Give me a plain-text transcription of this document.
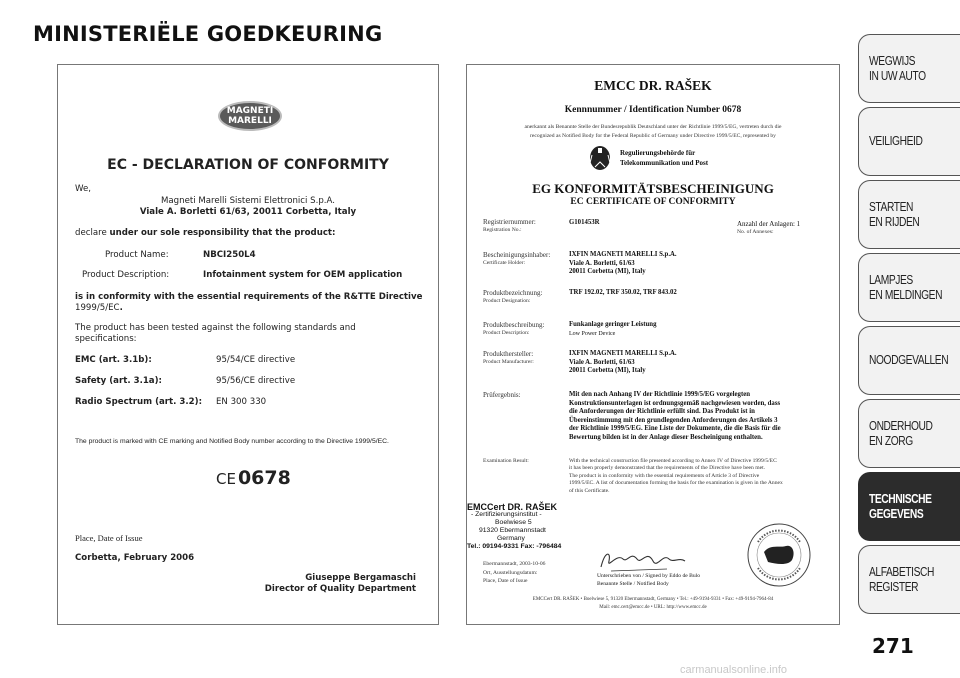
MINISTERIËLE GOEDKEURING
MAGNETI
MARELLI
EC - DECLARATION OF CONFORMITY
We,
Magneti Marelli Sistemi Elettronici S.p.A.
Viale A. Borletti 61/63, 20011 Corbetta, Italy
declare under our sole responsibility that the product:
Product Name:	NBCI250L4
Product Description:	Infotainment system for OEM application
is in conformity with the essential requirements of the R&TTE Directive
1999/5/EC.
The product has been tested against the following standards and
specifications:
EMC (art. 3.1b):	95/54/CE directive
Safety (art. 3.1a):	95/56/CE directive
Radio Spectrum (art. 3.2): EN 300 330
The product is marked with CE marking and Notified Body number according to the Directive 1999/5/EC.
CE 0678
Place, Date of Issue
Corbetta, February 2006
Giuseppe Bergamaschi
Director of Quality Department
EMCC DR. RAŠEK
Kennnummer / Identification Number 0678
anerkannt als Benannte Stelle der Bundesrepublik Deutschland unter der Richtlinie 1999/5/EG, vertreten durch die
recognized as Notified Body for the Federal Republic of Germany under Directive 1999/5/EC, represented by
Regulierungsbehörde für
Telekommunikation und Post
EG KONFORMITÄTSBESCHEINIGUNG
EC CERTIFICATE OF CONFORMITY
Registriernummer:
Registration No.:
G101453R	Anzahl der Anlagen: 1
No. of Annexes:
Bescheinigungsinhaber:
Certificate Holder:
IXFIN MAGNETI MARELLI S.p.A.
Viale A. Borletti, 61/63
20011 Corbetta (MI), Italy
Produktbezeichnung:
Product Designation:
TRF 192.02, TRF 350.02, TRF 843.02
Produktbeschreibung:
Product Description:
Funkanlage geringer Leistung
Low Power Device
Produkthersteller:
Product Manufacturer:
IXFIN MAGNETI MARELLI S.p.A.
Viale A. Borletti, 61/63
20011 Corbetta (MI), Italy
Prüfergebnis:	Mit den nach Anhang IV der Richtlinie 1999/5/EG vorgelegten
Konstruktionsunterlagen ist ordnungsgemäß nachgewiesen worden, dass
die Anforderungen der Richtlinie erfüllt sind. Das Produkt ist in
Übereinstimmung mit den grundlegenden Anforderungen des Artikels 3
der Richtlinie 1999/5/EG. Eine Liste der Dokumente, die die Basis für die
Bewertung bilden ist in der Anlage dieser Bescheinigung enthalten.
Examination Result:	With the technical construction file presented according to Annex IV of Directive 1999/5/EC
it has been properly demonstrated that the requirements of the Directive have been met.
The product is in conformity with the essential requirements of Article 3 of Directive
1999/5/EC. A list of documentation forming the basis for the examination is given in the Annex
of this Certificate.
EMCCert DR. RAŠEK
- Zertifizierungsinstitut -
Boelwiese 5
91320 Ebermannstadt
Germany
Tel.: 09194-9331 Fax: -796484
Ebermannstadt, 2003-10-06
Ort, Ausstellungsdatum:
Place, Date of Issue
Unterschrieben von / Signed by Eddo de Bulo
Benannte Stelle / Notified Body
EMCCert DR. RAŠEK • Boelwiese 5, 91320 Ebermannstadt, Germany • Tel.: +49-9194-9331 • Fax: +49-9194-7964-84
Mail: emc.cert@emcc.de • URL: http://www.emcc.de
WEGWIJS
IN UW AUTO
VEILIGHEID
STARTEN
EN RIJDEN
LAMPJES
EN MELDINGEN
NOODGEVALLEN
ONDERHOUD
EN ZORG
TECHNISCHE
GEGEVENS
ALFABETISCH
REGISTER
271
carmanualsonline.info
